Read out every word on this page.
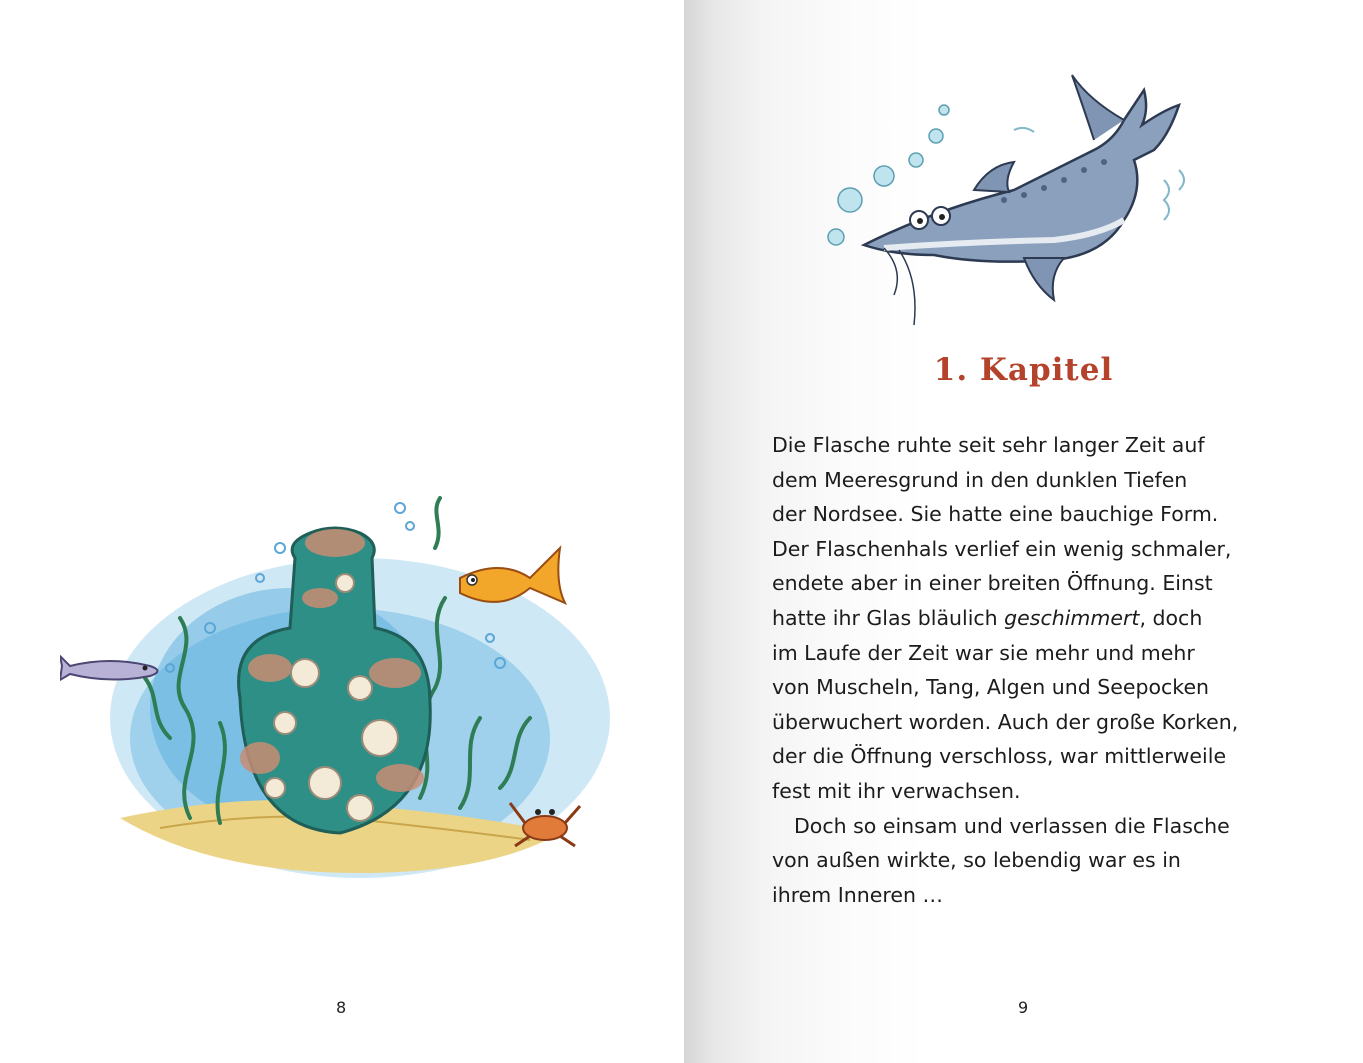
8
1. Kapitel
Die Flasche ruhte seit sehr langer Zeit auf
dem Meeresgrund in den dunklen Tiefen
der Nordsee. Sie hatte eine bauchige Form.
Der Flaschenhals verlief ein wenig schmaler,
endete aber in einer breiten Öffnung. Einst
hatte ihr Glas bläulich geschimmert, doch
im Laufe der Zeit war sie mehr und mehr
von Muscheln, Tang, Algen und Seepocken
überwuchert worden. Auch der große Korken,
der die Öffnung verschloss, war mittlerweile
fest mit ihr verwachsen.
Doch so einsam und verlassen die Flasche
von außen wirkte, so lebendig war es in
ihrem Inneren …
9
